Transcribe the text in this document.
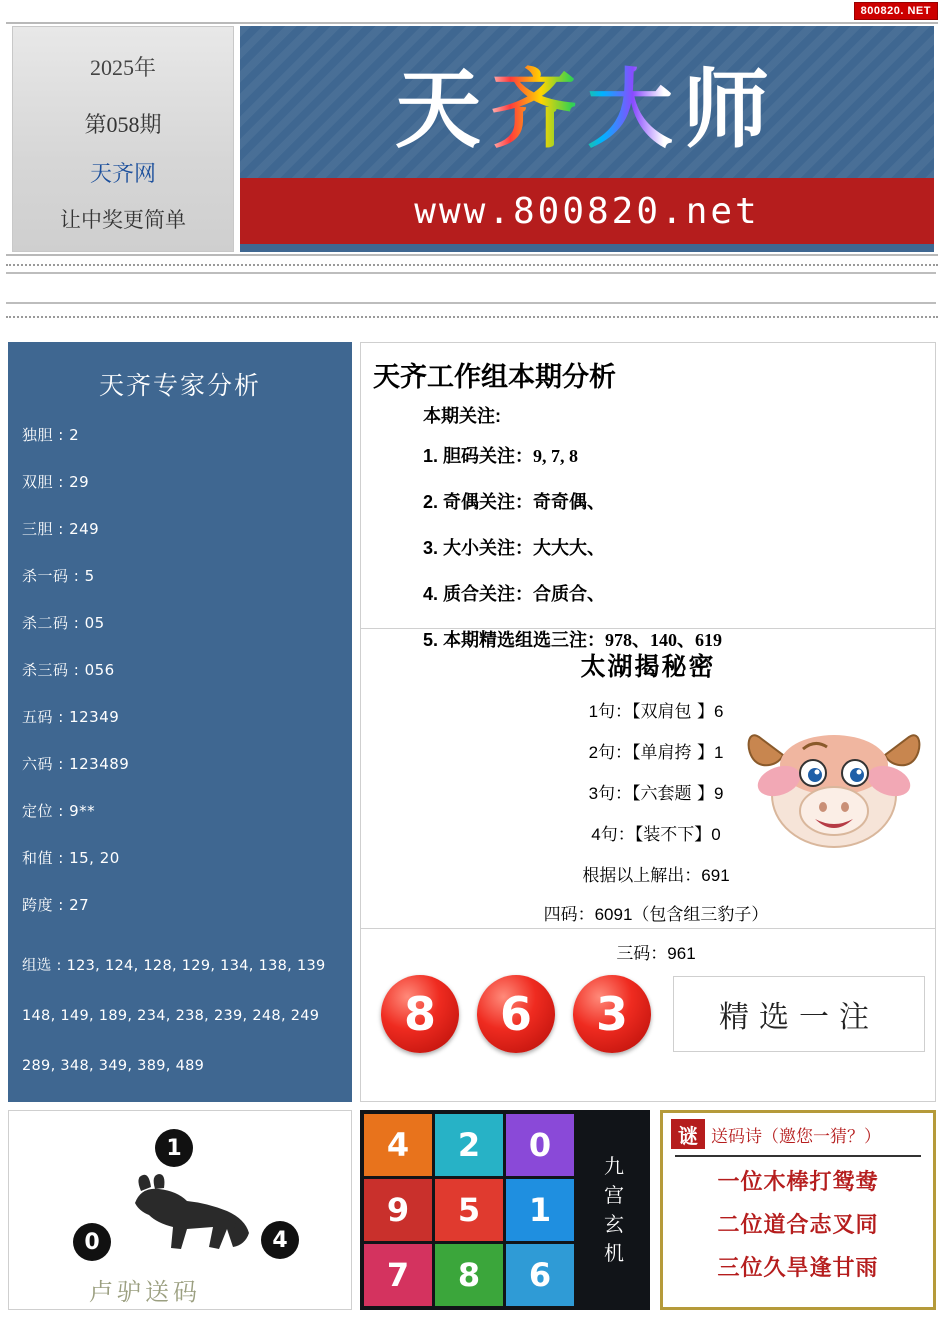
800820. NET
2025年
第058期
天齐网
让中奖更简单
天齐大师
www.800820.net
天齐专家分析
独胆 : 2
双胆 : 29
三胆 : 249
杀一码 : 5
杀二码 : 05
杀三码 : 056
五码 : 12349
六码 : 123489
定位 : 9**
和值 : 15, 20
跨度 : 27
组选 : 123, 124, 128, 129, 134, 138, 139
148, 149, 189, 234, 238, 239, 248, 249
289, 348, 349, 389, 489
天齐工作组本期分析
本期关注:
1. 胆码关注：9, 7, 8
2. 奇偶关注：奇奇偶、
3. 大小关注：大大大、
4. 质合关注：合质合、
5. 本期精选组选三注：978、140、619
太湖揭秘密
1句：【双肩包 】6
2句：【单肩挎 】1
3句：【六套题 】9
4句：【装不下】0
根据以上解出：691
四码：6091（包含组三豹子）
三码：961
8	6	3	精选一注
1
0	4
卢驴送码
4	2	0
9	5	1
7	8	6
九
宫
玄
机
谜 送码诗（邀您一猜？）
一位木棒打鸳鸯
二位道合志叉同
三位久旱逢甘雨
